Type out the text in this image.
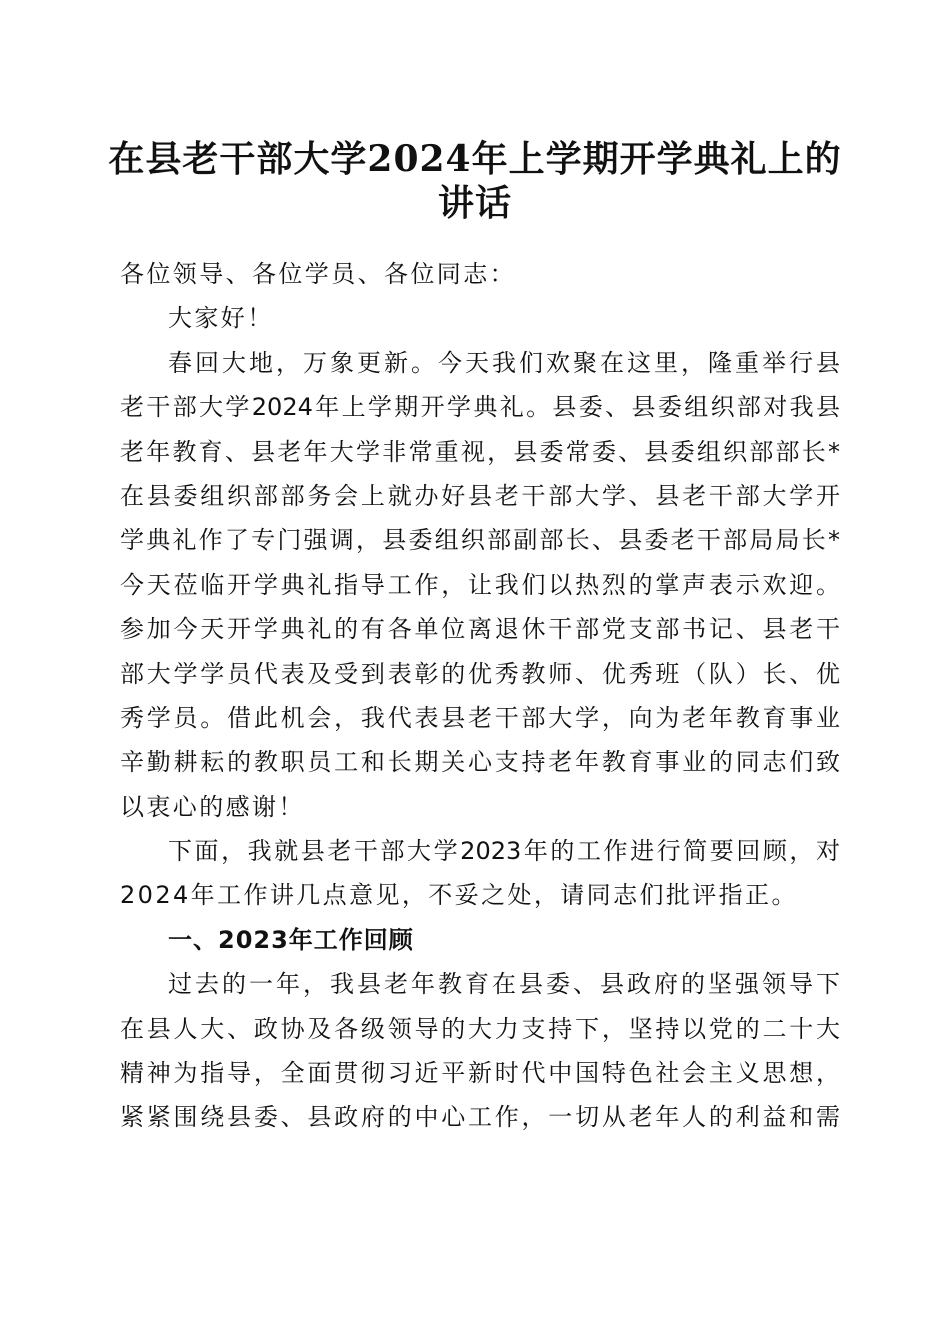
在县老干部大学2024年上学期开学典礼上的
讲话
各位领导、各位学员、各位同志：
大家好！
春回大地，万象更新。今天我们欢聚在这里，隆重举行县
老干部大学2024年上学期开学典礼。县委、县委组织部对我县
老年教育、县老年大学非常重视，县委常委、县委组织部部长*
在县委组织部部务会上就办好县老干部大学、县老干部大学开
学典礼作了专门强调，县委组织部副部长、县委老干部局局长*
今天莅临开学典礼指导工作，让我们以热烈的掌声表示欢迎。
参加今天开学典礼的有各单位离退休干部党支部书记、县老干
部大学学员代表及受到表彰的优秀教师、优秀班（队）长、优
秀学员。借此机会，我代表县老干部大学，向为老年教育事业
辛勤耕耘的教职员工和长期关心支持老年教育事业的同志们致
以衷心的感谢！
下面，我就县老干部大学2023年的工作进行简要回顾，对
2024年工作讲几点意见，不妥之处，请同志们批评指正。
一、2023年工作回顾
过去的一年，我县老年教育在县委、县政府的坚强领导下
在县人大、政协及各级领导的大力支持下，坚持以党的二十大
精神为指导，全面贯彻习近平新时代中国特色社会主义思想，
紧紧围绕县委、县政府的中心工作，一切从老年人的利益和需
